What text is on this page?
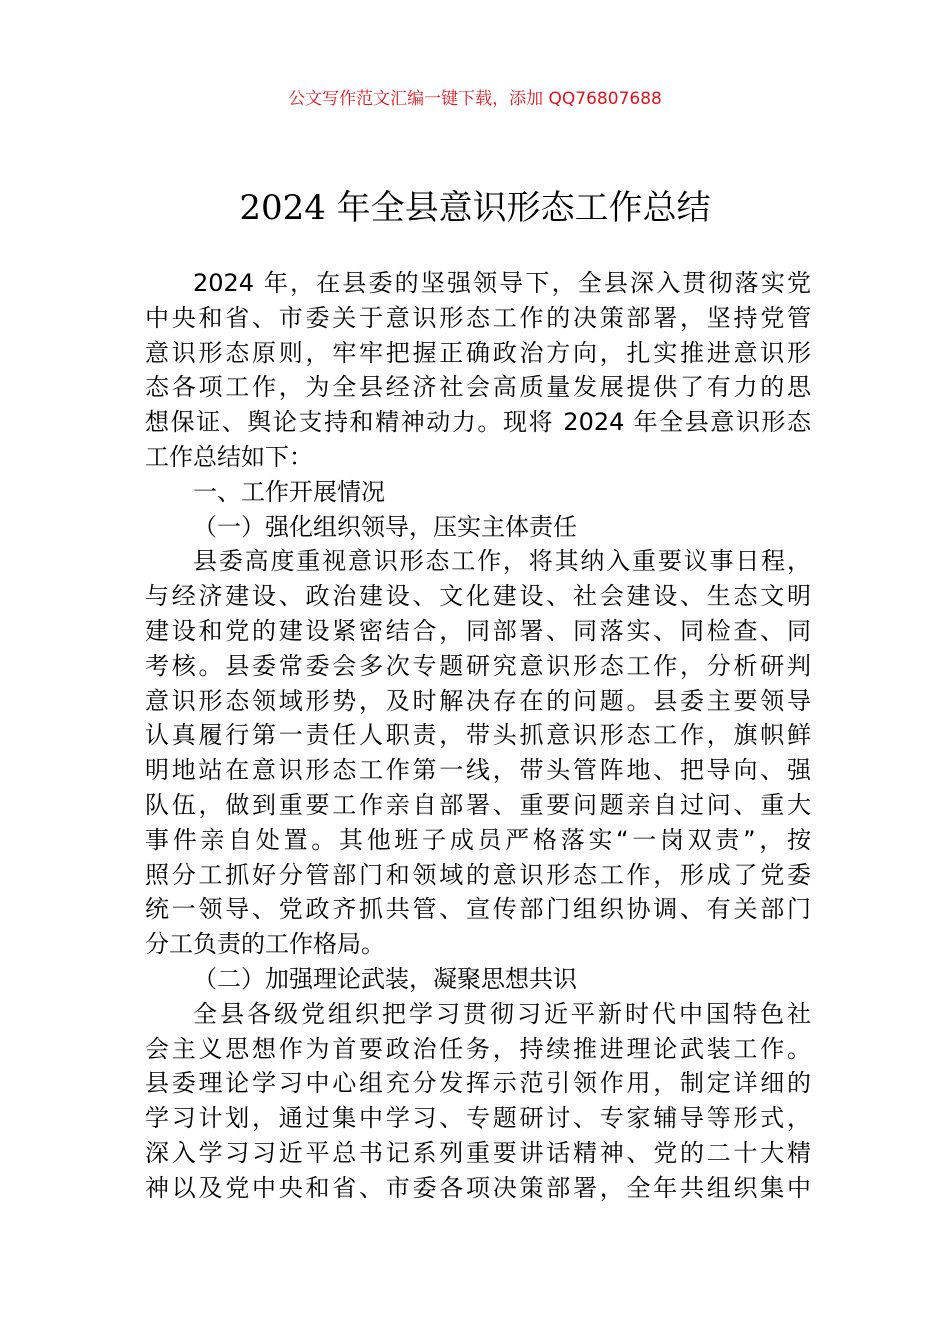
公文写作范文汇编一键下载，添加 QQ76807688
2024 年全县意识形态工作总结
2024 年，在县委的坚强领导下，全县深入贯彻落实党
中央和省、市委关于意识形态工作的决策部署，坚持党管
意识形态原则，牢牢把握正确政治方向，扎实推进意识形
态各项工作，为全县经济社会高质量发展提供了有力的思
想保证、舆论支持和精神动力。现将 2024 年全县意识形态
工作总结如下：
一、工作开展情况
（一）强化组织领导，压实主体责任
县委高度重视意识形态工作，将其纳入重要议事日程，
与经济建设、政治建设、文化建设、社会建设、生态文明
建设和党的建设紧密结合，同部署、同落实、同检查、同
考核。县委常委会多次专题研究意识形态工作，分析研判
意识形态领域形势，及时解决存在的问题。县委主要领导
认真履行第一责任人职责，带头抓意识形态工作，旗帜鲜
明地站在意识形态工作第一线，带头管阵地、把导向、强
队伍，做到重要工作亲自部署、重要问题亲自过问、重大
事件亲自处置。其他班子成员严格落实“一岗双责”，按
照分工抓好分管部门和领域的意识形态工作，形成了党委
统一领导、党政齐抓共管、宣传部门组织协调、有关部门
分工负责的工作格局。
（二）加强理论武装，凝聚思想共识
全县各级党组织把学习贯彻习近平新时代中国特色社
会主义思想作为首要政治任务，持续推进理论武装工作。
县委理论学习中心组充分发挥示范引领作用，制定详细的
学习计划，通过集中学习、专题研讨、专家辅导等形式，
深入学习习近平总书记系列重要讲话精神、党的二十大精
神以及党中央和省、市委各项决策部署，全年共组织集中
